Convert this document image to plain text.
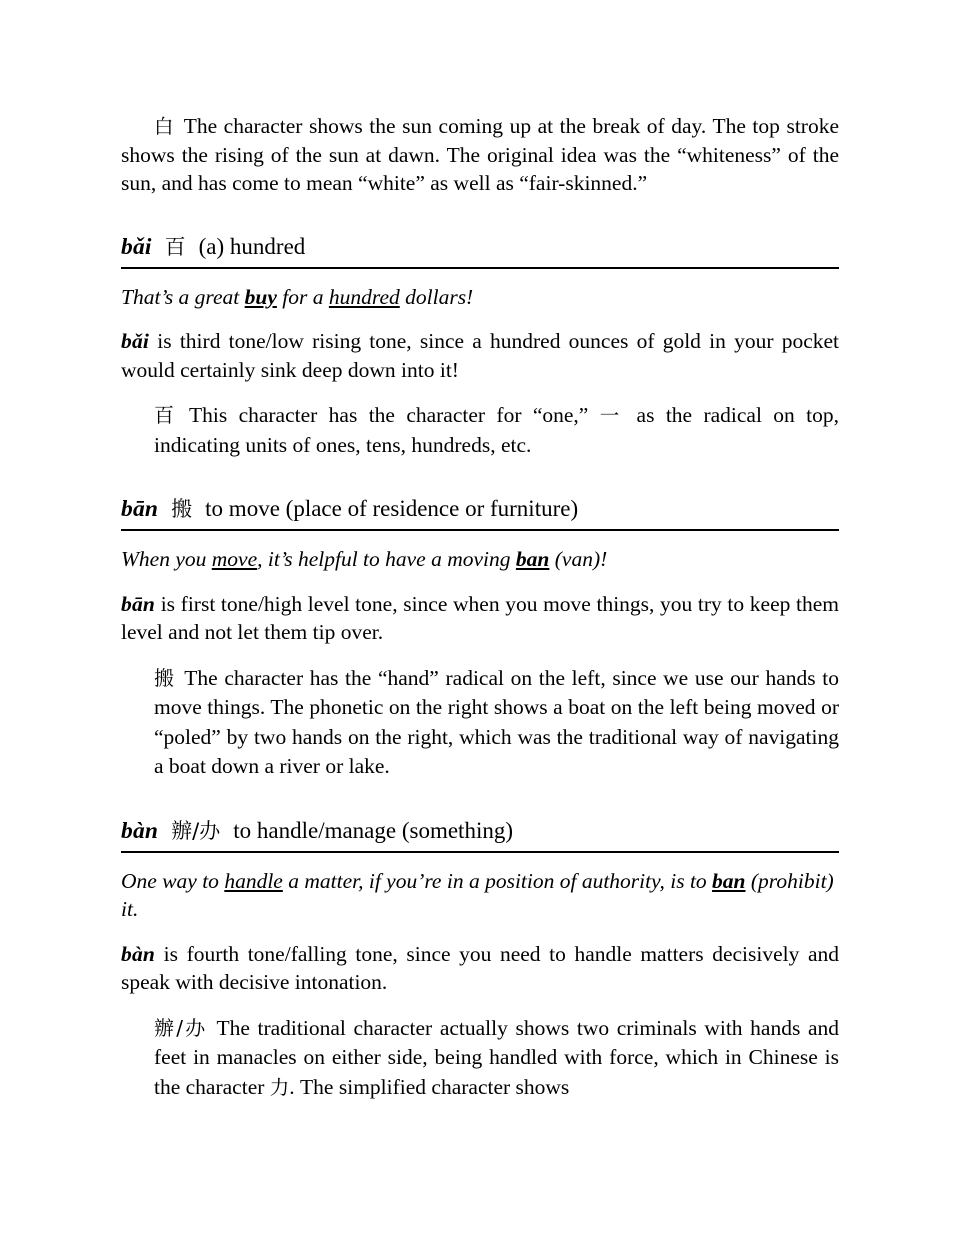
白 The character shows the sun coming up at the break of day. The top stroke shows the rising of the sun at dawn. The original idea was the “whiteness” of the sun, and has come to mean “white” as well as “fair-skinned.”

bǎi 百 (a) hundred

That’s a great buy for a hundred dollars!

bǎi is third tone/low rising tone, since a hundred ounces of gold in your pocket would certainly sink deep down into it!

百 This character has the character for “one,” 一 as the radical on top, indicating units of ones, tens, hundreds, etc.

bān 搬 to move (place of residence or furniture)

When you move, it’s helpful to have a moving ban (van)!

bān is first tone/high level tone, since when you move things, you try to keep them level and not let them tip over.

搬 The character has the “hand” radical on the left, since we use our hands to move things. The phonetic on the right shows a boat on the left being moved or “poled” by two hands on the right, which was the traditional way of navigating a boat down a river or lake.

bàn 辦/办 to handle/manage (something)

One way to handle a matter, if you’re in a position of authority, is to ban (prohibit) it.

bàn is fourth tone/falling tone, since you need to handle matters decisively and speak with decisive intonation.

辦/办 The traditional character actually shows two criminals with hands and feet in manacles on either side, being handled with force, which in Chinese is the character 力. The simplified character shows
